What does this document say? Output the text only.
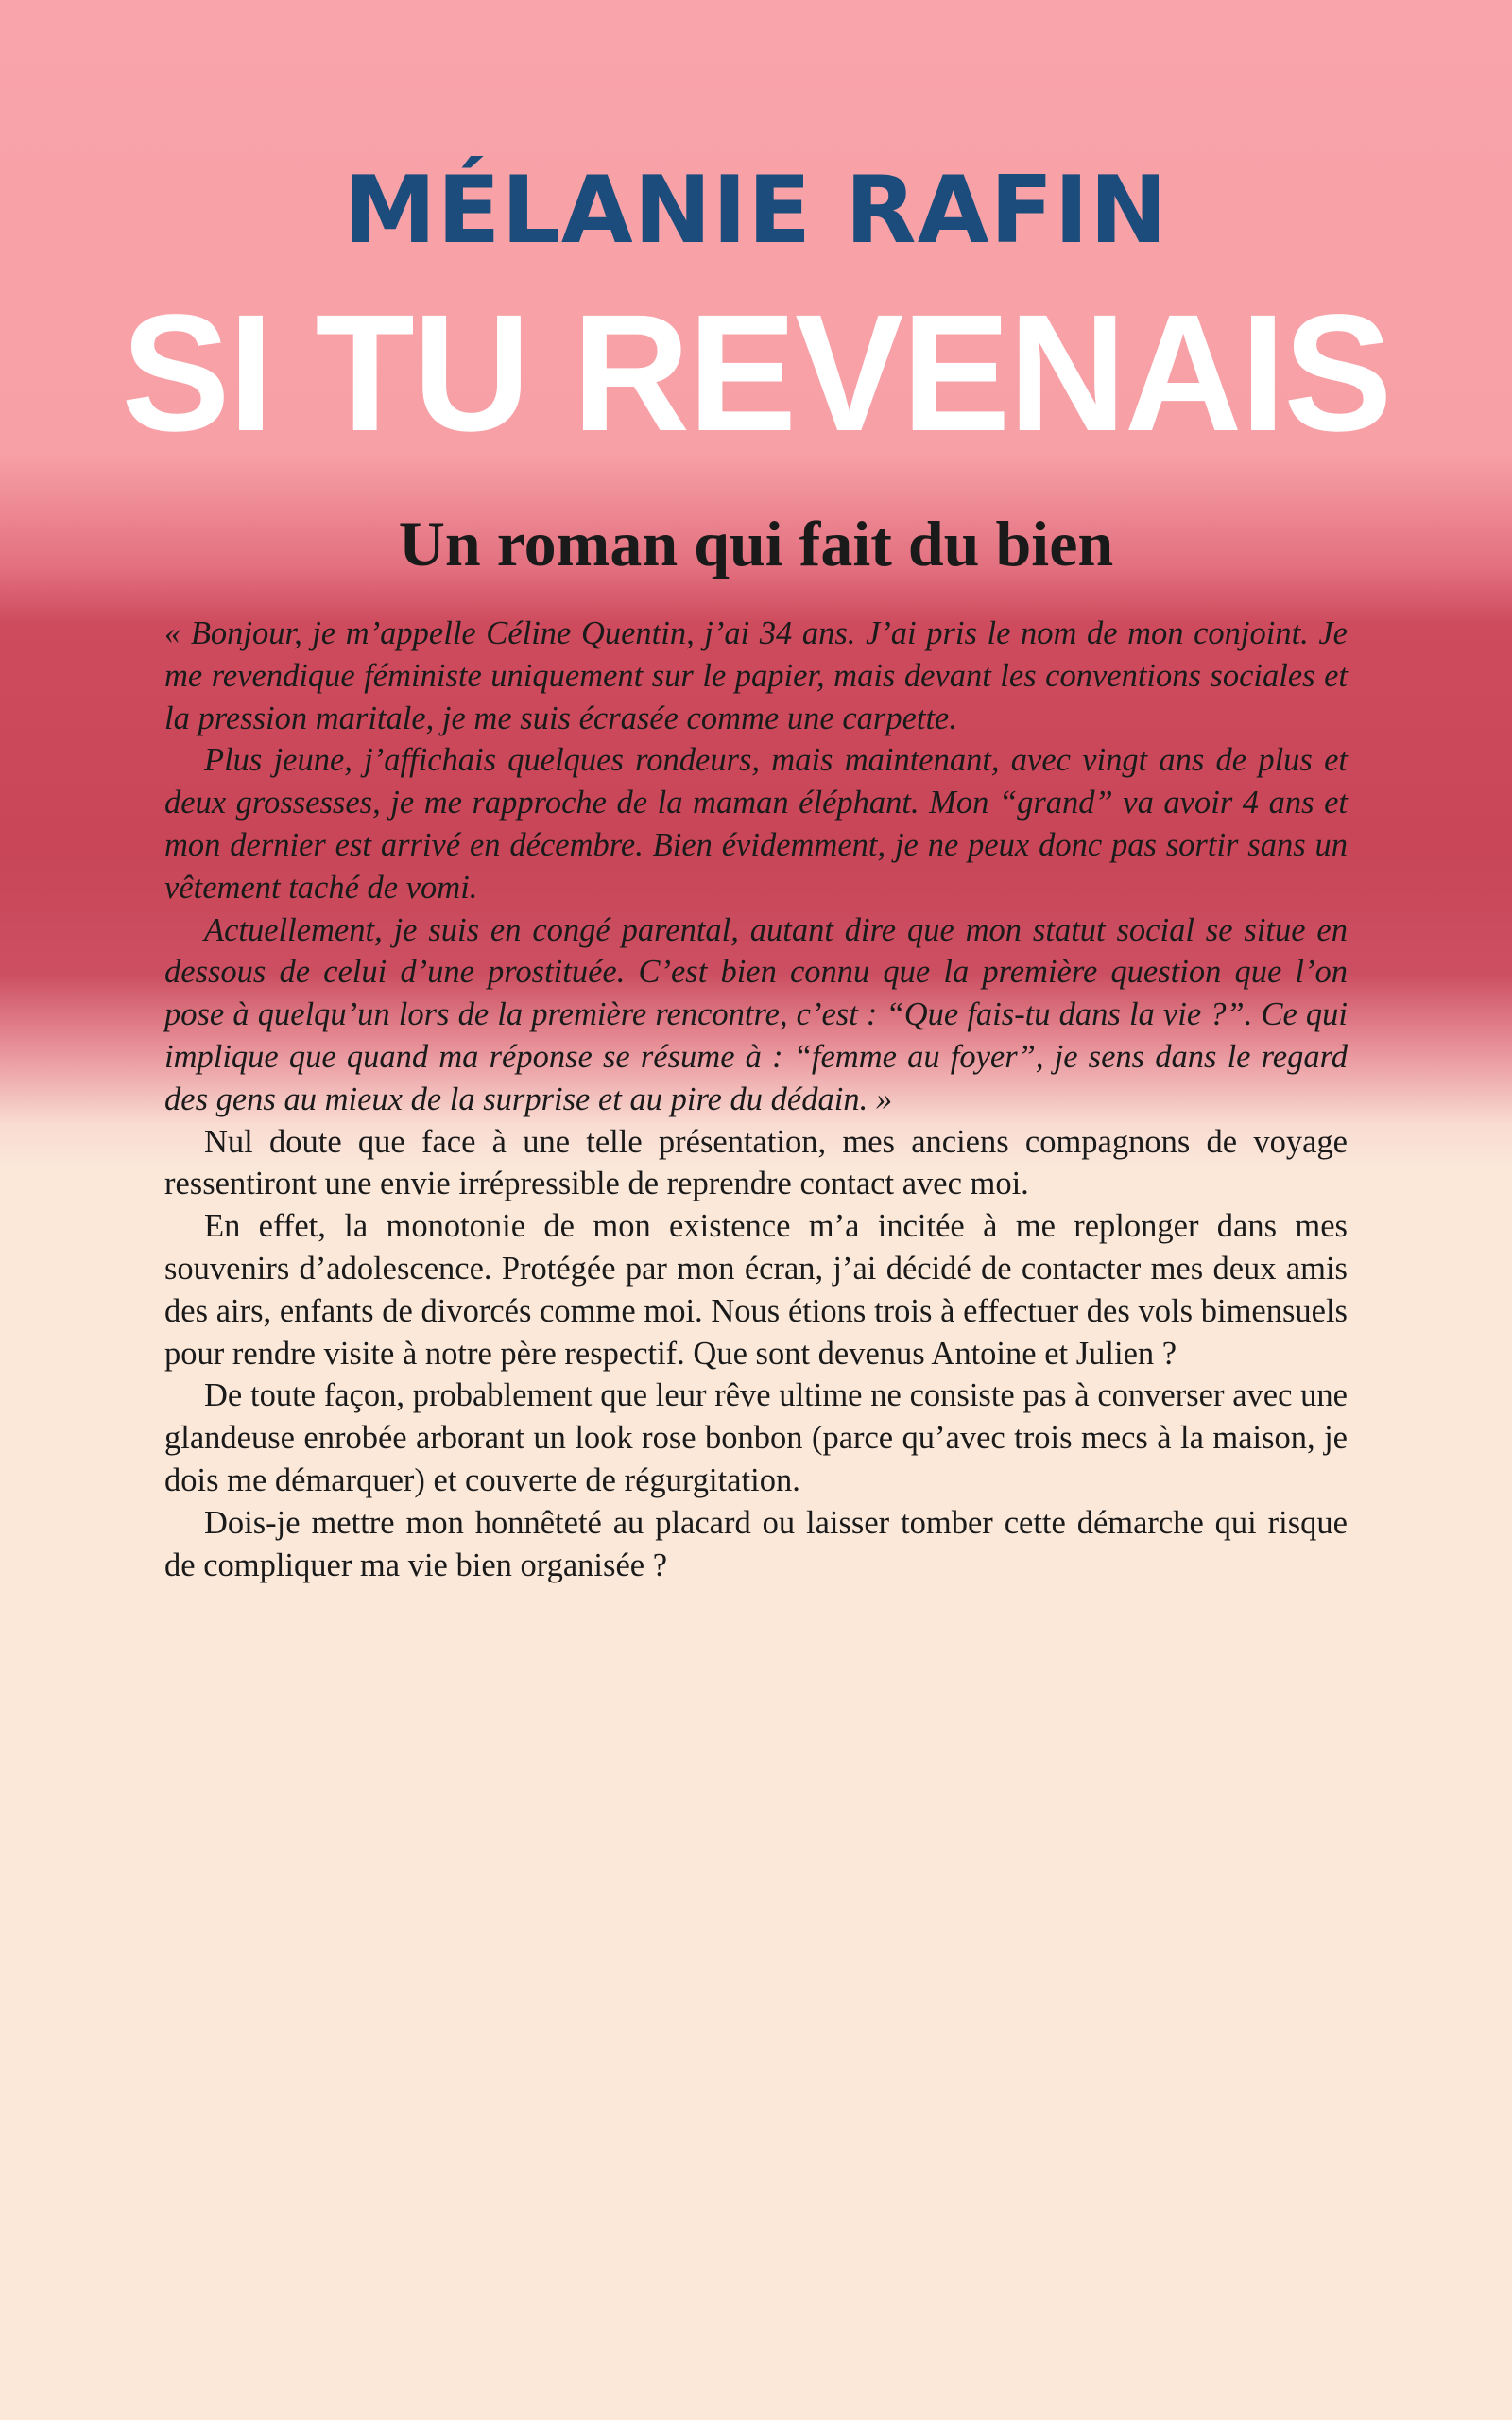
MÉLANIE RAFIN
SI TU REVENAIS
Un roman qui fait du bien

« Bonjour, je m’appelle Céline Quentin, j’ai 34 ans. J’ai pris le nom de mon conjoint. Je me revendique féministe uniquement sur le papier, mais devant les conventions sociales et la pression maritale, je me suis écrasée comme une carpette.

Plus jeune, j’affichais quelques rondeurs, mais maintenant, avec vingt ans de plus et deux grossesses, je me rapproche de la maman éléphant. Mon “grand” va avoir 4 ans et mon dernier est arrivé en décembre. Bien évidemment, je ne peux donc pas sortir sans un vêtement taché de vomi.

Actuellement, je suis en congé parental, autant dire que mon statut social se situe en dessous de celui d’une prostituée. C’est bien connu que la première question que l’on pose à quelqu’un lors de la première rencontre, c’est : “Que fais-tu dans la vie ?”. Ce qui implique que quand ma réponse se résume à : “femme au foyer”, je sens dans le regard des gens au mieux de la surprise et au pire du dédain. »

Nul doute que face à une telle présentation, mes anciens compagnons de voyage ressentiront une envie irrépressible de reprendre contact avec moi.

En effet, la monotonie de mon existence m’a incitée à me replonger dans mes souvenirs d’adolescence. Protégée par mon écran, j’ai décidé de contacter mes deux amis des airs, enfants de divorcés comme moi. Nous étions trois à effectuer des vols bimensuels pour rendre visite à notre père respectif. Que sont devenus Antoine et Julien ?

De toute façon, probablement que leur rêve ultime ne consiste pas à converser avec une glandeuse enrobée arborant un look rose bonbon (parce qu’avec trois mecs à la maison, je dois me démarquer) et couverte de régurgitation.

Dois-je mettre mon honnêteté au placard ou laisser tomber cette démarche qui risque de compliquer ma vie bien organisée ?
